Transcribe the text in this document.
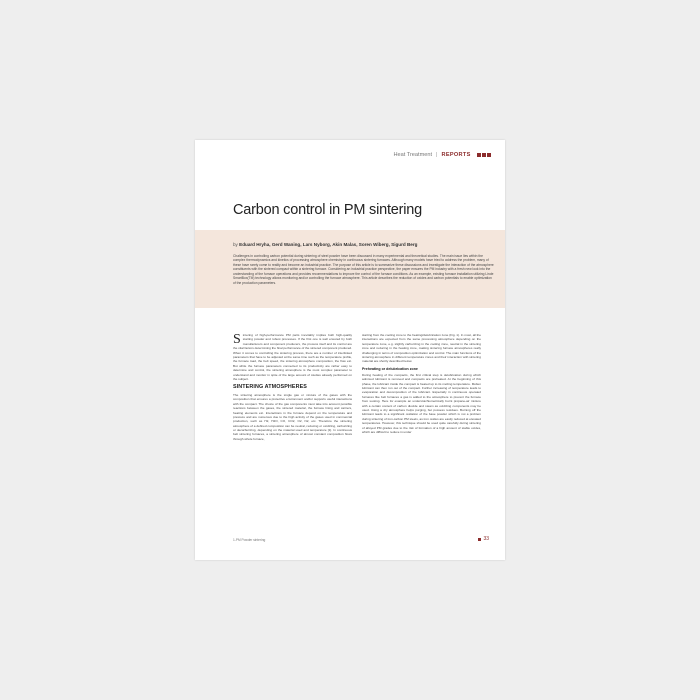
Heat Treatment | REPORTS
Carbon control in PM sintering
by Eduard Hryha, Gerd Waning, Lars Nyborg, Akin Malas, Soren Wiberg, Sigurd Berg
Challenges in controlling carbon potential during sintering of steel powder have been discussed in many experimental and theoretical studies. The main issue lies within the complex thermodynamics and kinetics of processing atmosphere chemistry in continuous sintering furnaces. Although many models have tried to address the problem, many of these have rarely come to reality and become an industrial practice. The purpose of this article is to summarize these discussions and investigate the interaction of the atmosphere constituents with the sintered compact within a sintering furnace. Considering an industrial practice perspective, the paper ensures the PM industry with a fresh new look into the understanding of the furnace operations and provides recommendations to improve the control of the furnace conditions. As an example, existing furnace installation utilizing Linde SmartBox(TM) technology allows monitoring and/or controlling the furnace atmosphere. This article describes the reduction of oxides and carbon potentials to enable optimization of the production parameters.

Sintering of high-performance PM parts inevitably implies both high-quality starting powder and robust processes. If the first one is well ensured by both manufacturers and component producers, the process itself and its control are the vital factors determining the final performance of the sintered component produced. When it comes to controlling the sintering process, there are a number of interlinked parameters that have to be adjusted at the same time such as the temperature profile, the furnace load, the belt speed, the sintering atmosphere composition, the flow etc. But while the furnace parameters connected to its productivity are rather easy to determine and control, the sintering atmosphere is the most complex parameter to understand and monitor in spite of the large amount of studies already performed on the subject.

SINTERING ATMOSPHERES

The sintering atmosphere is the single gas or mixture of the gases with the composition that ensures a protective environment and/or supports useful interactions with the compact. The choice of the gas components must take into account possible reactions between the gases, the sintered material, the furnace lining and carriers, heating elements etc. Interactions in the furnace depend on the temperature and pressure and are numerous due to the high activity of the gases used in commercial production, such as H2, H2O, CO, CO2, O2, N2, etc. Therefore the sintering atmosphere of a defined composition can be neutral, reducing or oxidizing, carburizing or decarburizing, depending on the material used and temperature [1]. In continuous belt sintering furnaces, a sintering atmosphere of almost constant composition flows through whole furnace,

starting from the cooling zone to the heating/delubrication zone (Fig. 1). In most, all the interactions are expected from the same processing atmosphere depending on the temperature zone, e.g. slightly carburizing in the cooling zone, neutral in the sintering zone and reducing in the heating zone, making sintering furnace atmospheres really challenging in terms of composition optimization and control. The main functions of the sintering atmosphere in different temperature zones and their interaction with sintering material are shortly described below.

Preheating or delubrication zone

During heating of the compacts, the first critical step is delubrication during which admixed lubricant is removed and compacts are preheated. At the beginning of this phase, the lubricant inside the compact is heated up to its melting temperature. Molten lubricant can then run out of the compact. Further increasing of temperature leads to evaporation and decomposition of the lubricant. Especially in continuous operated furnaces like belt furnaces a gas is added to the atmosphere to prevent the furnace from sooting. Here for example an understoichiometrically burnt propane-air mixture with a certain content of carbon dioxide and steam as oxidizing components may be used. Using a dry atmosphere helps purging, but possess residues. Burning off the lubricant leads to a significant oxidation of the base powder which is not a problem during sintering of iron-carbon PM steels, as iron oxides are easily reduced at elevated temperatures. However, this technique should be used quite carefully during sintering of alloyed PM grades due to the risk of formation of a high amount of stable oxides, which are difficult to reduce in under

1-PM Powder sintering	33
